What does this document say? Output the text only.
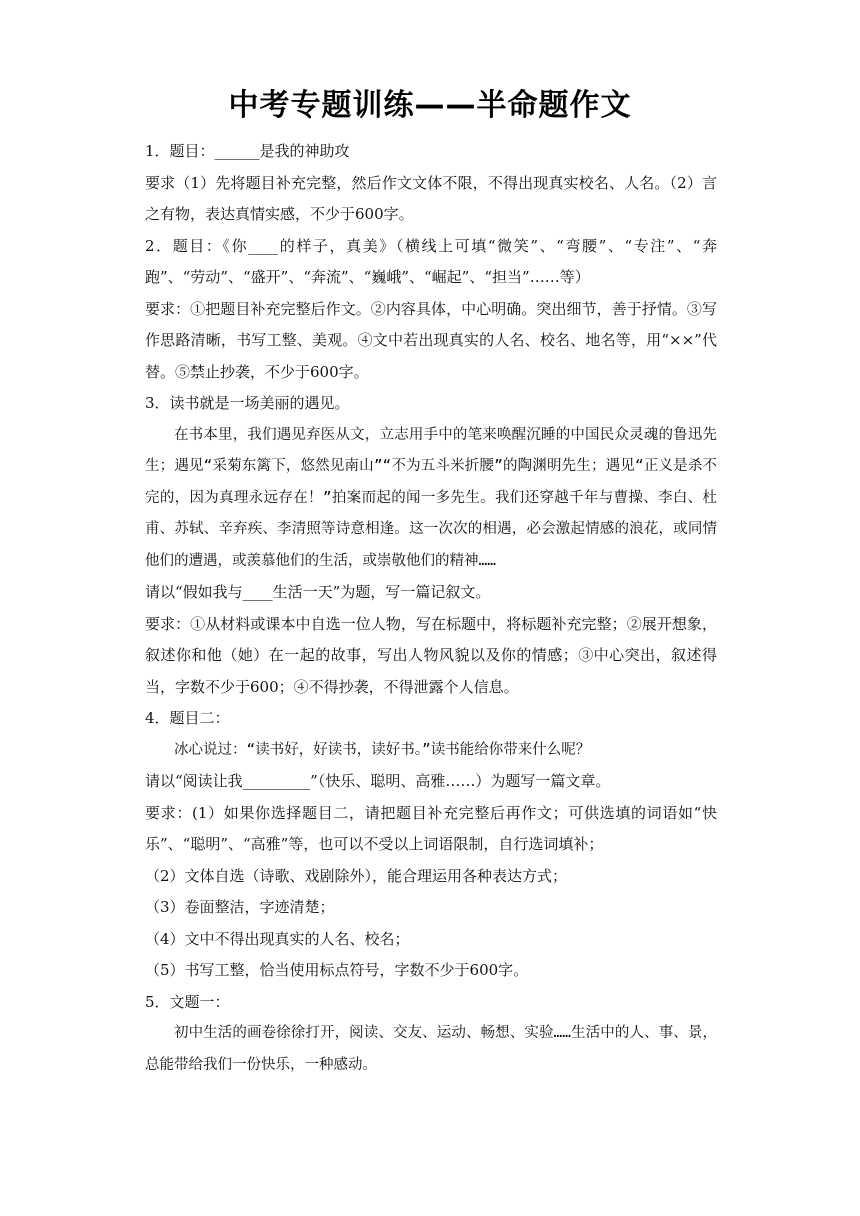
中考专题训练——半命题作文

1．题目：______是我的神助攻

要求（1）先将题目补充完整，然后作文文体不限，不得出现真实校名、人名。（2）言之有物，表达真情实感，不少于600字。

2．题目：《你____的样子，真美》（横线上可填“微笑”、“弯腰”、“专注”、“奔跑”、“劳动”、“盛开”、“奔流”、“巍峨”、“崛起”、“担当”……等）

要求：①把题目补充完整后作文。②内容具体，中心明确。突出细节，善于抒情。③写作思路清晰，书写工整、美观。④文中若出现真实的人名、校名、地名等，用“××”代替。⑤禁止抄袭，不少于600字。

3．读书就是一场美丽的遇见。

在书本里，我们遇见弃医从文，立志用手中的笔来唤醒沉睡的中国民众灵魂的鲁迅先生；遇见“采菊东篱下，悠然见南山”“不为五斗米折腰”的陶渊明先生；遇见“正义是杀不完的，因为真理永远存在！”拍案而起的闻一多先生。我们还穿越千年与曹操、李白、杜甫、苏轼、辛弃疾、李清照等诗意相逢。这一次次的相遇，必会激起情感的浪花，或同情他们的遭遇，或羡慕他们的生活，或崇敬他们的精神……

请以“假如我与____生活一天”为题，写一篇记叙文。

要求：①从材料或课本中自选一位人物，写在标题中，将标题补充完整；②展开想象，叙述你和他（她）在一起的故事，写出人物风貌以及你的情感；③中心突出，叙述得当，字数不少于600；④不得抄袭，不得泄露个人信息。

4．题目二：

冰心说过：“读书好，好读书，读好书。”读书能给你带来什么呢？

请以“阅读让我_________”（快乐、聪明、高雅……）为题写一篇文章。

要求：(1）如果你选择题目二，请把题目补充完整后再作文；可供选填的词语如“快乐”、“聪明”、“高雅”等，也可以不受以上词语限制，自行选词填补；

（2）文体自选（诗歌、戏剧除外），能合理运用各种表达方式；

（3）卷面整洁，字迹清楚；

（4）文中不得出现真实的人名、校名；

（5）书写工整，恰当使用标点符号，字数不少于600字。

5．文题一：

初中生活的画卷徐徐打开，阅读、交友、运动、畅想、实验……生活中的人、事、景，总能带给我们一份快乐，一种感动。
